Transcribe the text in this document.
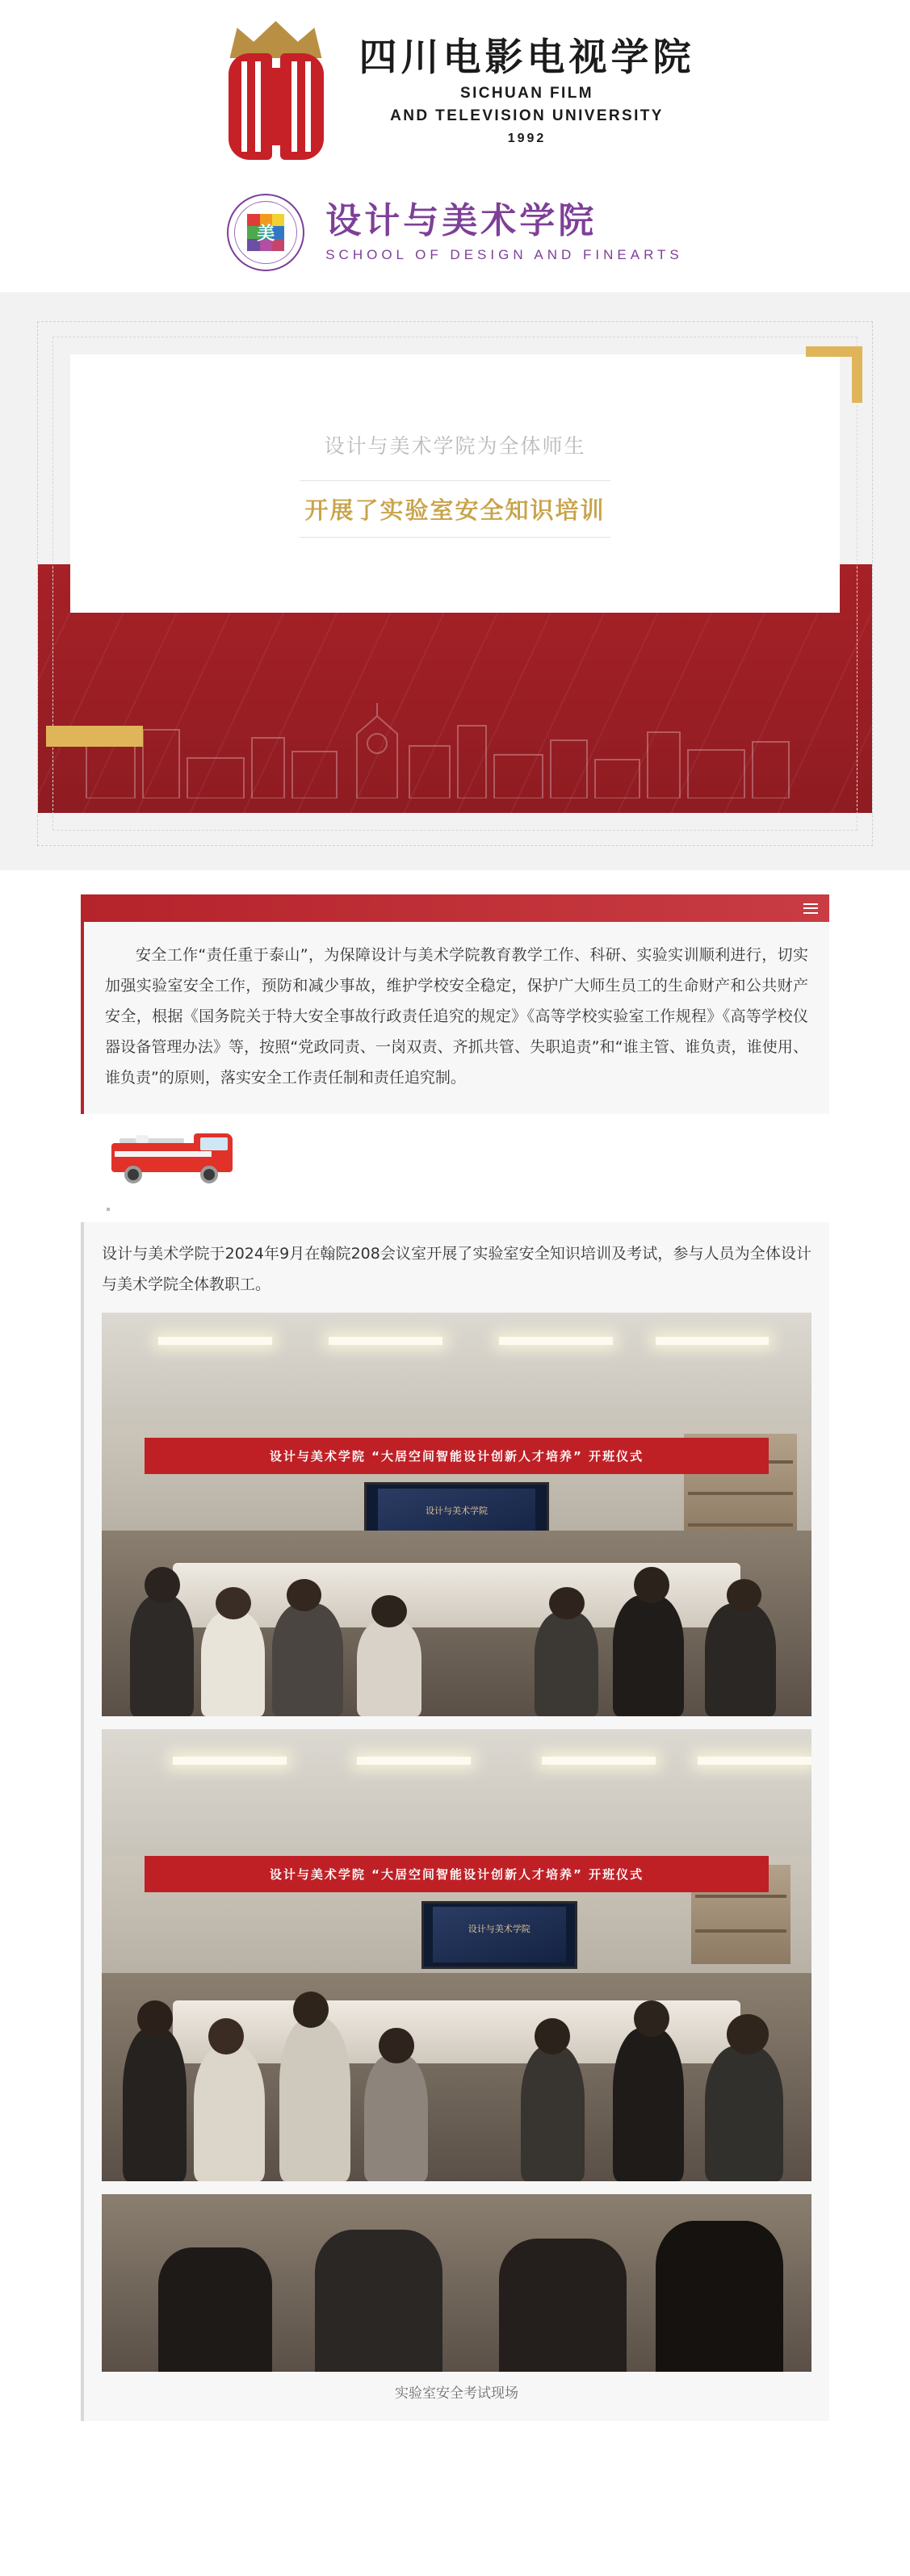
四川电影电视学院
SICHUAN FILM
AND TELEVISION UNIVERSITY
1992
美 设计与美术学院
SCHOOL OF DESIGN AND FINEARTS
设计与美术学院为全体师生
开展了实验室安全知识培训
安全工作“责任重于泰山”，为保障设计与美术学院教育教学工作、科研、实验实训顺利进行，切实加强实验室安全工作，预防和减少事故，维护学校安全稳定，保护广大师生员工的生命财产和公共财产安全，根据《国务院关于特大安全事故行政责任追究的规定》《高等学校实验室工作规程》《高等学校仪器设备管理办法》等，按照“党政同责、一岗双责、齐抓共管、失职追责”和“谁主管、谁负责，谁使用、谁负责”的原则，落实安全工作责任制和责任追究制。
设计与美术学院于2024年9月在翰院208会议室开展了实验室安全知识培训及考试，参与人员为全体设计与美术学院全体教职工。
设计与美术学院 “大居空间智能设计创新人才培养” 开班仪式
设计与美术学院
设计与美术学院 “大居空间智能设计创新人才培养” 开班仪式
设计与美术学院
实验室安全考试现场
